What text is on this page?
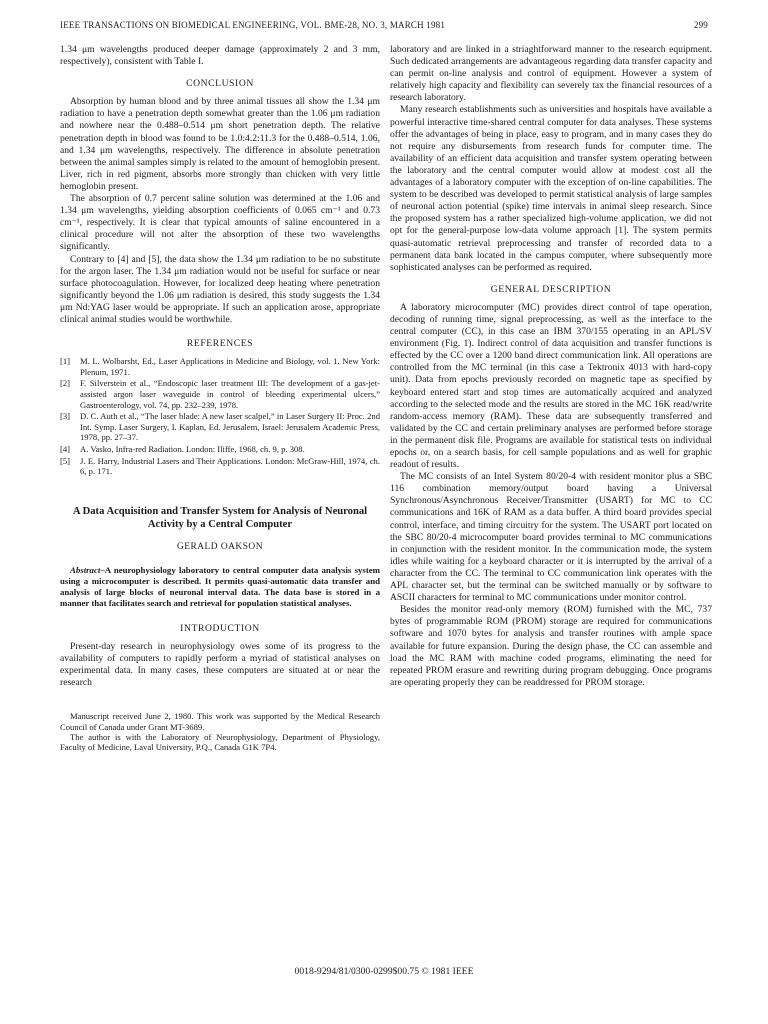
IEEE TRANSACTIONS ON BIOMEDICAL ENGINEERING, VOL. BME-28, NO. 3, MARCH 1981	299

1.34 μm wavelengths produced deeper damage (approximately 2 and 3 mm, respectively), consistent with Table I.

CONCLUSION

Absorption by human blood and by three animal tissues all show the 1.34 μm radiation to have a penetration depth somewhat greater than the 1.06 μm radiation and nowhere near the 0.488–0.514 μm short penetration depth. The relative penetration depth in blood was found to be 1.0:4.2:11.3 for the 0.488–0.514, 1.06, and 1.34 μm wavelengths, respectively. The difference in absolute penetration between the animal samples simply is related to the amount of hemoglobin present. Liver, rich in red pigment, absorbs more strongly than chicken with very little hemoglobin present.

The absorption of 0.7 percent saline solution was determined at the 1.06 and 1.34 μm wavelengths, yielding absorption coefficients of 0.065 cm⁻¹ and 0.73 cm⁻¹, respectively. It is clear that typical amounts of saline encountered in a clinical procedure will not alter the absorption of these two wavelengths significantly.

Contrary to [4] and [5], the data show the 1.34 μm radiation to be no substitute for the argon laser. The 1.34 μm radiation would not be useful for surface or near surface photocoagulation. However, for localized deep heating where penetration significantly beyond the 1.06 μm radiation is desired, this study suggests the 1.34 μm Nd:YAG laser would be appropriate. If such an application arose, appropriate clinical animal studies would be worthwhile.

REFERENCES
[1] M. L. Wolbarsht, Ed., Laser Applications in Medicine and Biology, vol. 1. New York: Plenum, 1971.
[2] F. Silverstein et al., “Endoscopic laser treatment III: The development of a gas-jet-assisted argon laser waveguide in control of bleeding experimental ulcers,” Gastroenterology, vol. 74, pp. 232–239, 1978.
[3] D. C. Auth et al., “The laser blade: A new laser scalpel,” in Laser Surgery II: Proc. 2nd Int. Symp. Laser Surgery, I. Kaplan, Ed. Jerusalem, Israel: Jerusalem Academic Press, 1978, pp. 27–37.
[4] A. Vasko, Infra-red Radiation. London: Iliffe, 1968, ch. 9, p. 308.
[5] J. E. Harry, Industrial Lasers and Their Applications. London: McGraw-Hill, 1974, ch. 6, p. 171.
A Data Acquisition and Transfer System for Analysis of Neuronal Activity by a Central Computer
GERALD OAKSON

Abstract–A neurophysiology laboratory to central computer data analysis system using a microcomputer is described. It permits quasi-automatic data transfer and analysis of large blocks of neuronal interval data. The data base is stored in a manner that facilitates search and retrieval for population statistical analyses.

INTRODUCTION

Present-day research in neurophysiology owes some of its progress to the availability of computers to rapidly perform a myriad of statistical analyses on experimental data. In many cases, these computers are situated at or near the research

Manuscript received June 2, 1980. This work was supported by the Medical Research Council of Canada under Grant MT-3689.

The author is with the Laboratory of Neurophysiology, Department of Physiology, Faculty of Medicine, Laval University, P.Q., Canada G1K 7P4.

laboratory and are linked in a striaghtforward manner to the research equipment. Such dedicated arrangements are advantageous regarding data transfer capacity and can permit on-line analysis and control of equipment. However a system of relatively high capacity and flexibility can severely tax the financial resources of a research laboratory.

Many research establishments such as universities and hospitals have available a powerful interactive time-shared central computer for data analyses. These systems offer the advantages of being in place, easy to program, and in many cases they do not require any disbursements from research funds for computer time. The availability of an efficient data acquisition and transfer system operating between the laboratory and the central computer would allow at modest cost all the advantages of a laboratory computer with the exception of on-line capabilities. The system to be described was developed to permit statistical analysis of large samples of neuronal action potential (spike) time intervals in animal sleep research. Since the proposed system has a rather specialized high-volume application, we did not opt for the general-purpose low-data volume approach [1]. The system permits quasi-automatic retrieval preprocessing and transfer of recorded data to a permanent data bank located in the campus computer, where subsequently more sophisticated analyses can be performed as required.

GENERAL DESCRIPTION

A laboratory microcomputer (MC) provides direct control of tape operation, decoding of running time, signal preprocessing, as well as the interface to the central computer (CC), in this case an IBM 370/155 operating in an APL/SV environment (Fig. 1). Indirect control of data acquisition and transfer functions is effected by the CC over a 1200 band direct communication link. All operations are controlled from the MC terminal (in this case a Tektronix 4013 with hard-copy unit). Data from epochs previously recorded on magnetic tape as specified by keyboard entered start and stop times are automatically acquired and analyzed according to the selected mode and the results are stored in the MC 16K read/write random-access memory (RAM). These data are subsequently transferred and validated by the CC and certain preliminary analyses are performed before storage in the permanent disk file. Programs are available for statistical tests on individual epochs or, on a search basis, for cell sample populations and as well for graphic readout of results.

The MC consists of an Intel System 80/20-4 with resident monitor plus a SBC 116 combination memory/output board having a Universal Synchronous/Asynchronous Receiver/Transmitter (USART) for MC to CC communications and 16K of RAM as a data buffer. A third board provides special control, interface, and timing circuitry for the system. The USART port located on the SBC 80/20-4 microcomputer board provides terminal to MC communications in conjunction with the resident monitor. In the communication mode, the system idles while waiting for a keyboard character or it is interrupted by the arrival of a character from the CC. The terminal to CC communication link operates with the APL character set, but the terminal can be switched manually or by software to ASCII characters for terminal to MC communications under monitor control.

Besides the monitor read-only memory (ROM) furnished with the MC, 737 bytes of programmable ROM (PROM) storage are required for communications software and 1070 bytes for analysis and transfer routines with ample space available for future expansion. During the design phase, the CC can assemble and load the MC RAM with machine coded programs, eliminating the need for repeated PROM erasure and rewriting during program debugging. Once programs are operating properly they can be readdressed for PROM storage.

0018-9294/81/0300-0299$00.75 © 1981 IEEE
